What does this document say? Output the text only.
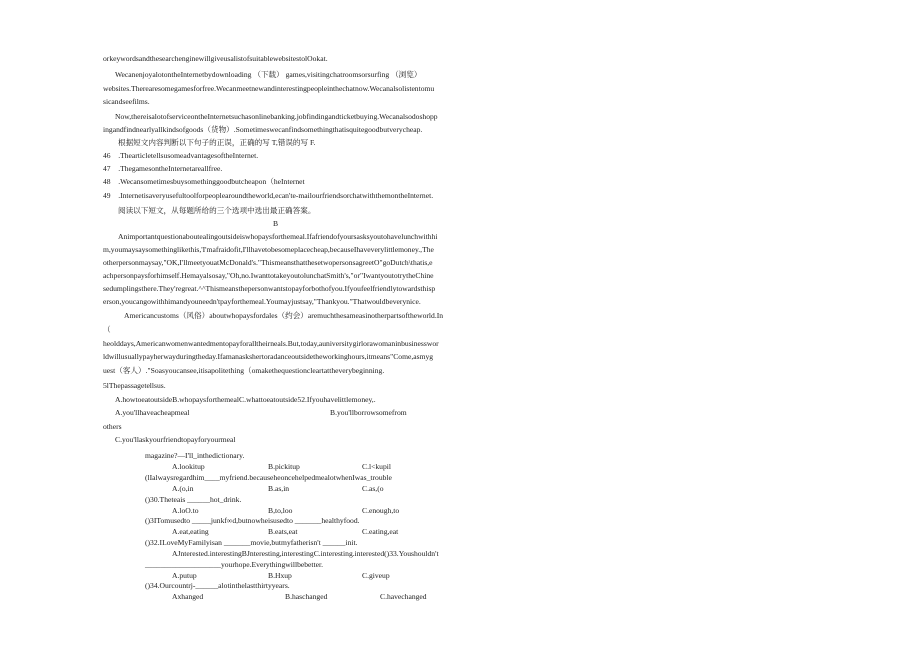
orkeywordsandthesearchenginewillgiveusalistofsuitablewebsitestolOokat.
WecanenjoyalotontheInternetbydownloading （下载） games,visitingchatroomsorsurfing （浏览）
websites.Therearesomegamesforfree.Wecanmeetnewandinterestingpeopleinthechatnow.Wecanalsolistentomu
sicandseefilms.
Now,thereisalotofserviceontheInternetsuchasonlinebanking.jobfindingandticketbuying.Wecanalsodoshopp
ingandfindnearlyallkindsofgoods（货物）.Sometimeswecanfindsomethingthatisquitegoodbutverycheap.
根据短文内容判断以下句子的正误，正确的写 T,错误的写 F.
46 .ThearticletellsusomeadvantagesoftheInternet.
47 .ThegamesontheInternetareallfree.
48 .Wecansometimesbuysomethinggoodbutcheapon（heInternet
49 .Internetisaveryusefultoolforpeoplearoundtheworld,ecan'te-mailourfriendsorchatwiththemontheInternet.
阅读以下短文，从每题所给的三个选项中选出最正确答案。
B
Animportantquestionaboutealingoutsideiswhopaysforthemeal.Ifafriendofyoursasksyoutohavelunchwithhi
m,youmaysaysomethinglikethis,'I'mafraidofit,I'llhavetobesomeplacecheap,becauseIhaveverylittlemoney.,The
otherpersonmaysay,"OK,I'llmeetyouatMcDonald's."ThismeansthatthesetwopersonsagreetO"goDutch\thatis,e
achpersonpaysforhimself.Hemayalsosay,"Oh,no.IwanttotakeyoutolunchatSmith's,"or"IwantyoutotrytheChine
sedumplingsthere.They'regreat.^^Thismeansthepersonwantstopayforbothofyou.Ifyoufeelfriendlytowardsthisp
erson,youcangowithhimandyouneedn'tpayforthemeal.Youmayjustsay,"Thankyou."Thatwouldbeverynice.
Americancustoms（风俗）aboutwhopaysfordales（约会）aremuchthesameasinotherpartsoftheworld.In
（
heolddays,Americanwomenwantedmentopayforalltheirneals.But,today,auniversitygirlorawomaninbusinesswor
ldwillusuallypayherwayduringtheday.Ifamanaskshertoradanceoutsidetheworkinghours,itmeans"Come,asmyg
uest（客人）."Soasyoucansee,itisapolitething（omakethequestioncleartattheverybeginning.
5lThepassagetellsus.
A.howtoeatoutsideB.whopaysforthemealC.whattoeatoutside52.Ifyouhavelittlemoney,.
A.you'llhaveacheapmeal	B.you'llborrowsomefrom
others
C.you'llaskyourfriendtopayforyourmeal
magazine?—I'll_inthedictionary.
A.lookitup	B.pickitup	C.l<kupil
(lIalwaysregardhim____myfriend.becauseheoncehelpedmealotwhenIwas_trouble
A.(o,in	B.as,in	C.as,(o
()30.Theteais ______hot_drink.
A.loO.to	B,to,loo	C.enough,to
()3ITomusedto _____junkf∞d,butnowheisusedto _______healthyfood.
A.eat,eating	B.eats,eat	C.eating,eat
()32.ILoveMyFamilyisan _______movie,butmyfatherisn't ______init.
AJnterested.interestingBJnteresting,interestingC.interesting.interested()33.Youshouldn't
____________________yourhope.Everythingwillbebetter.
A.putup	B.Hxup	C.giveup
()34.Ourcountrj-______alotinthelastthirtyyears.
Axhanged	B.haschanged	C.havechanged
